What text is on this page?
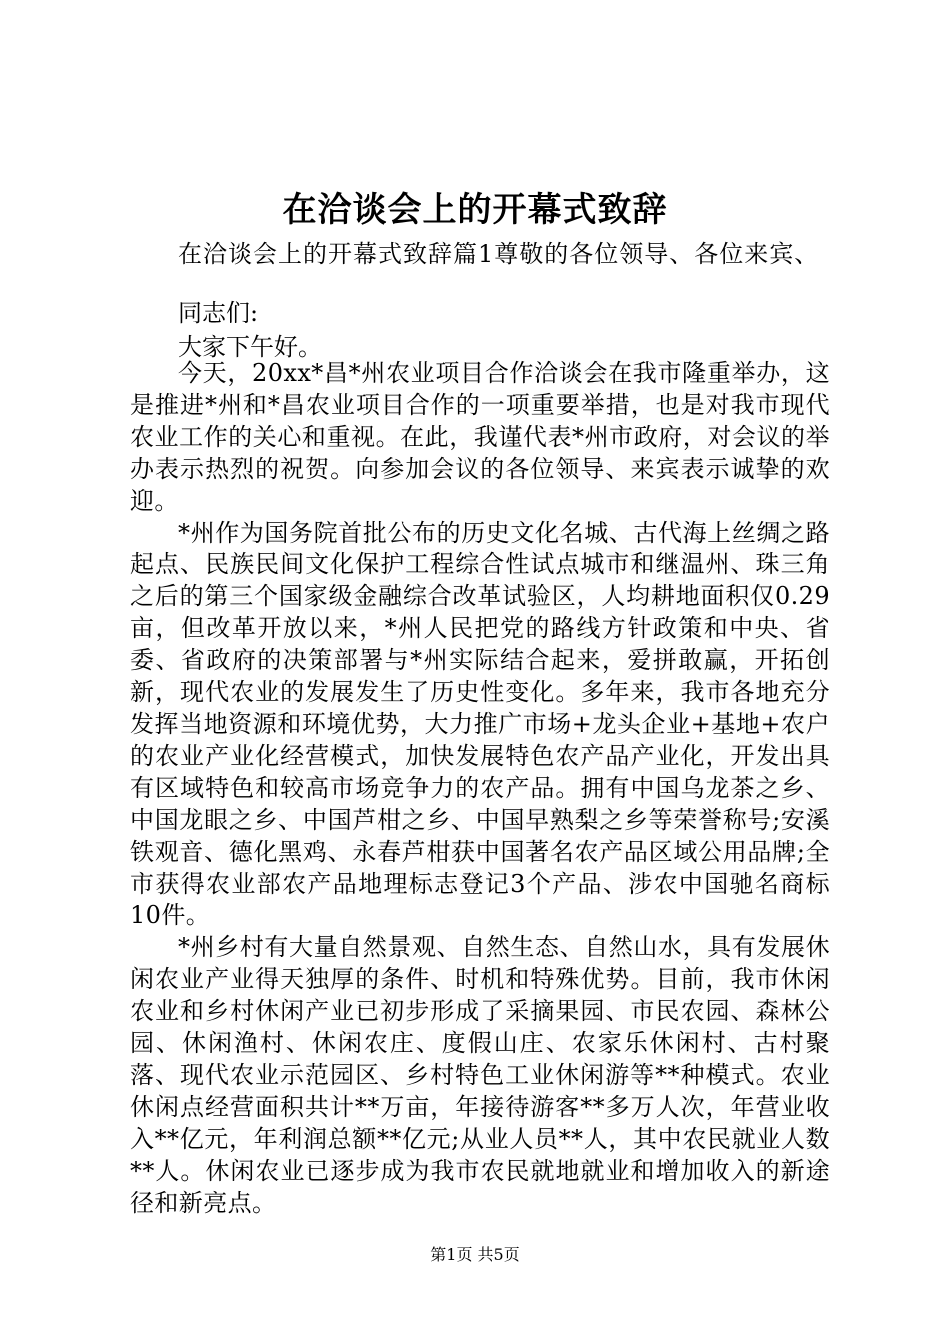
在洽谈会上的开幕式致辞

在洽谈会上的开幕式致辞篇1尊敬的各位领导、各位来宾、

同志们:

大家下午好。

今天，20xx*昌*州农业项目合作洽谈会在我市隆重举办，这是推进*州和*昌农业项目合作的一项重要举措，也是对我市现代农业工作的关心和重视。在此，我谨代表*州市政府，对会议的举办表示热烈的祝贺。向参加会议的各位领导、来宾表示诚挚的欢迎。

*州作为国务院首批公布的历史文化名城、古代海上丝绸之路起点、民族民间文化保护工程综合性试点城市和继温州、珠三角之后的第三个国家级金融综合改革试验区，人均耕地面积仅0.29亩，但改革开放以来，*州人民把党的路线方针政策和中央、省委、省政府的决策部署与*州实际结合起来，爱拼敢赢，开拓创新，现代农业的发展发生了历史性变化。多年来，我市各地充分发挥当地资源和环境优势，大力推广市场+龙头企业+基地+农户的农业产业化经营模式，加快发展特色农产品产业化，开发出具有区域特色和较高市场竞争力的农产品。拥有中国乌龙茶之乡、中国龙眼之乡、中国芦柑之乡、中国早熟梨之乡等荣誉称号;安溪铁观音、德化黑鸡、永春芦柑获中国著名农产品区域公用品牌;全市获得农业部农产品地理标志登记3个产品、涉农中国驰名商标10件。

*州乡村有大量自然景观、自然生态、自然山水，具有发展休闲农业产业得天独厚的条件、时机和特殊优势。目前，我市休闲农业和乡村休闲产业已初步形成了采摘果园、市民农园、森林公园、休闲渔村、休闲农庄、度假山庄、农家乐休闲村、古村聚落、现代农业示范园区、乡村特色工业休闲游等**种模式。农业休闲点经营面积共计**万亩，年接待游客**多万人次，年营业收入**亿元，年利润总额**亿元;从业人员**人，其中农民就业人数**人。休闲农业已逐步成为我市农民就地就业和增加收入的新途径和新亮点。

第1页 共5页
